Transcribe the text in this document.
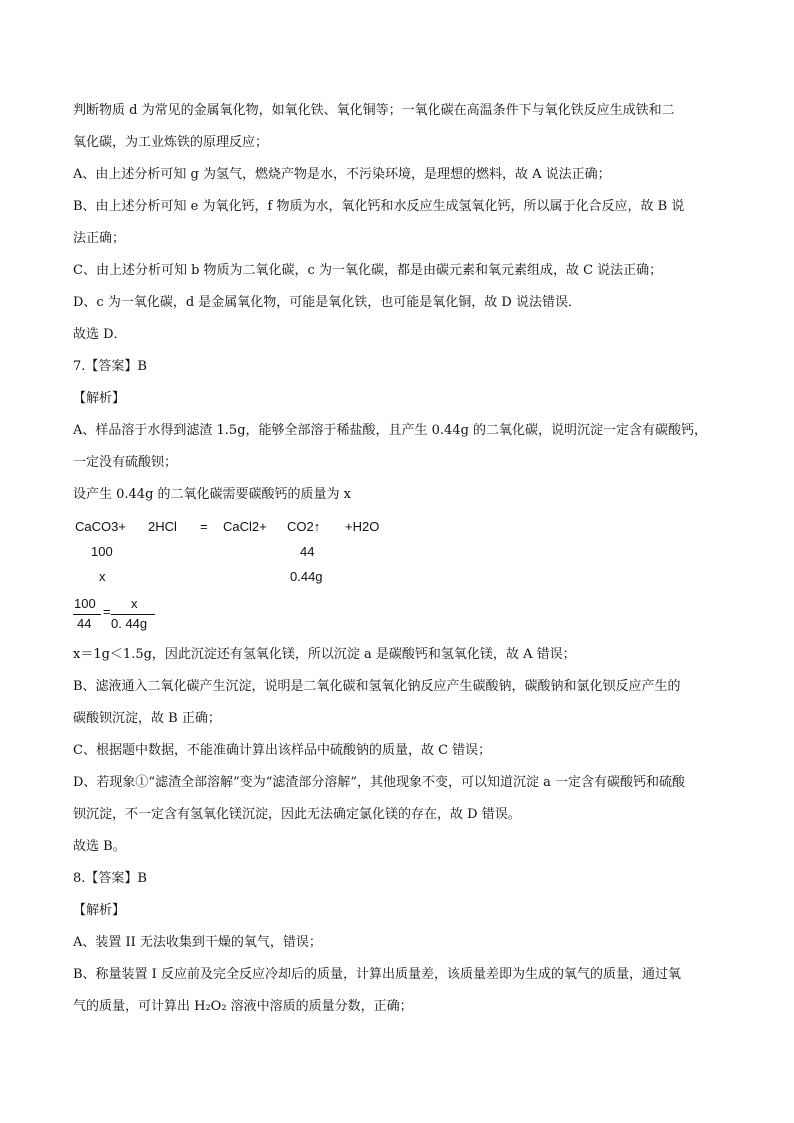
判断物质 d 为常见的金属氧化物，如氧化铁、氧化铜等；一氧化碳在高温条件下与氧化铁反应生成铁和二
氧化碳，为工业炼铁的原理反应；
A、由上述分析可知 g 为氢气，燃烧产物是水，不污染环境，是理想的燃料，故 A 说法正确；
B、由上述分析可知 e 为氧化钙，f 物质为水，氧化钙和水反应生成氢氧化钙，所以属于化合反应，故 B 说
法正确；
C、由上述分析可知 b 物质为二氧化碳，c 为一氧化碳，都是由碳元素和氧元素组成，故 C 说法正确；
D、c 为一氧化碳，d 是金属氧化物，可能是氧化铁，也可能是氧化铜，故 D 说法错误．
故选 D．
7.【答案】B
【解析】
A、样品溶于水得到滤渣 1.5g，能够全部溶于稀盐酸，且产生 0.44g 的二氧化碳，说明沉淀一定含有碳酸钙，
一定没有硫酸钡；
设产生 0.44g 的二氧化碳需要碳酸钙的质量为 x
CaCO3+ 2HCl = CaCl2+ CO2↑ +H2O
100	44
x	0.44g
100
44
=
x
0. 44g
x＝1g＜1.5g，因此沉淀还有氢氧化镁，所以沉淀 a 是碳酸钙和氢氧化镁，故 A 错误；
B、滤液通入二氧化碳产生沉淀，说明是二氧化碳和氢氧化钠反应产生碳酸钠，碳酸钠和氯化钡反应产生的
碳酸钡沉淀，故 B 正确；
C、根据题中数据，不能准确计算出该样品中硫酸钠的质量，故 C 错误；
D、若现象①“滤渣全部溶解”变为“滤渣部分溶解”，其他现象不变，可以知道沉淀 a 一定含有碳酸钙和硫酸
钡沉淀，不一定含有氢氧化镁沉淀，因此无法确定氯化镁的存在，故 D 错误。
故选 B。
8.【答案】B
【解析】
A、装置 II 无法收集到干燥的氧气，错误；
B、称量装置 I 反应前及完全反应冷却后的质量，计算出质量差，该质量差即为生成的氧气的质量，通过氧
气的质量，可计算出 H₂O₂ 溶液中溶质的质量分数，正确；
